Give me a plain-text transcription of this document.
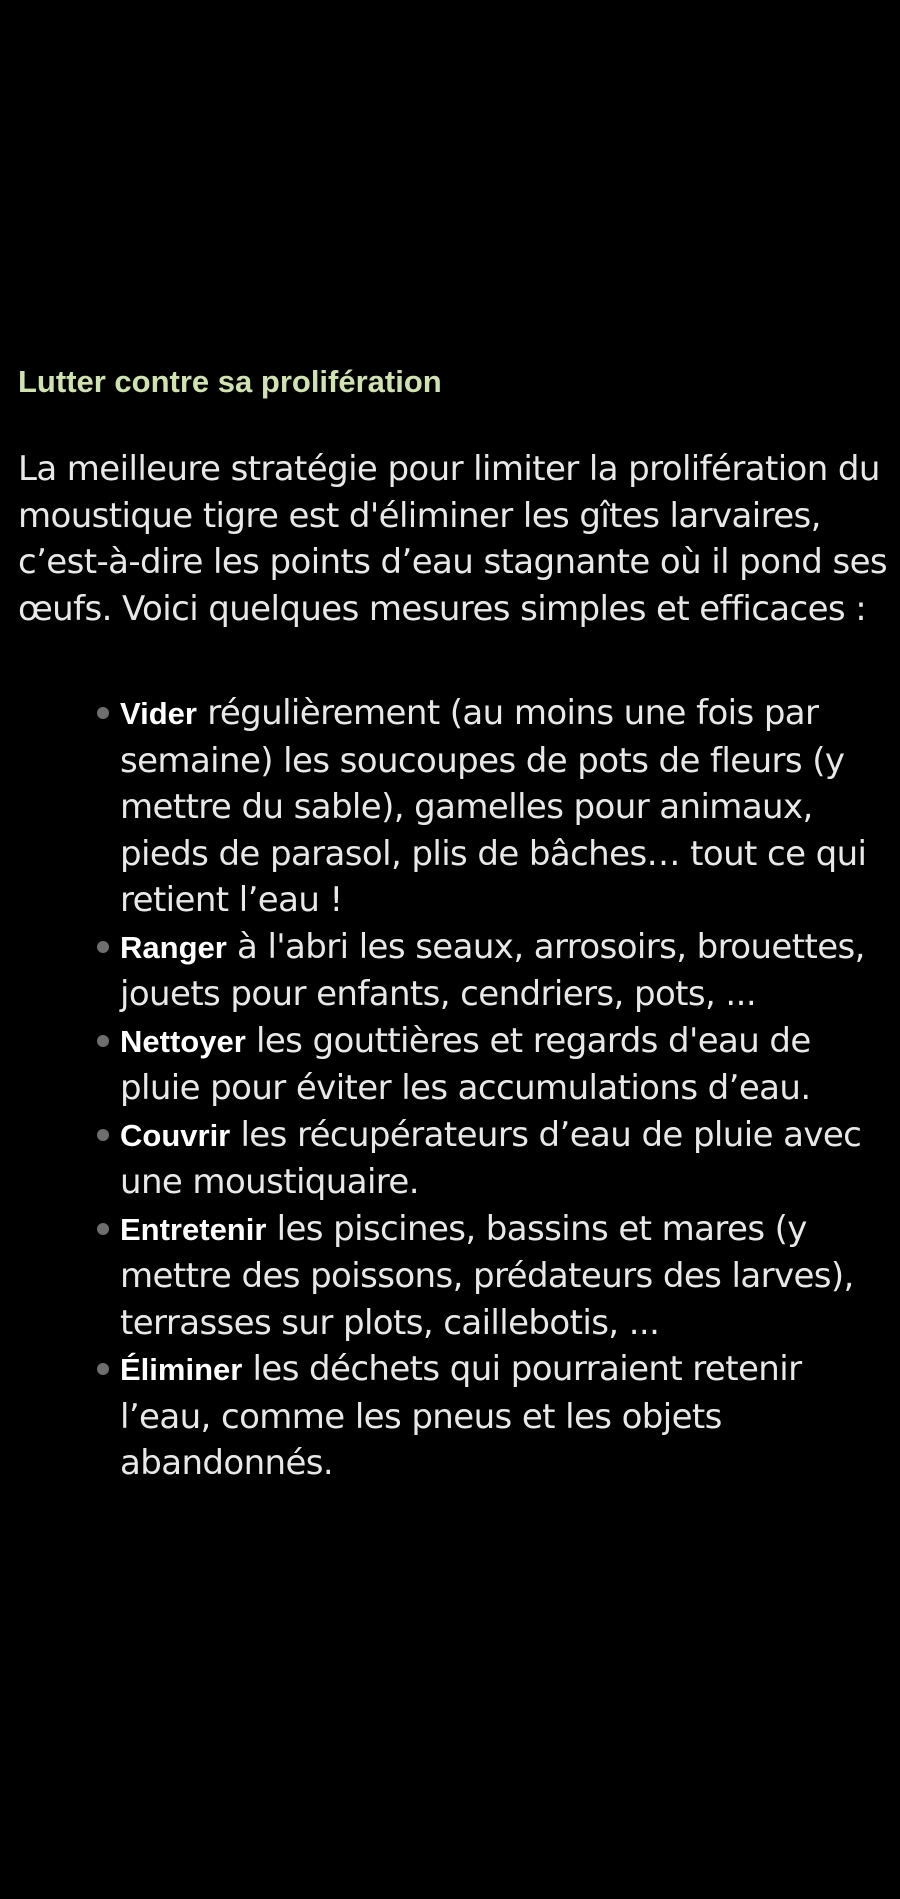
Lutter contre sa prolifération

La meilleure stratégie pour limiter la prolifération du moustique tigre est d'éliminer les gîtes larvaires, c’est-à-dire les points d’eau stagnante où il pond ses œufs. Voici quelques mesures simples et efficaces :

Vider régulièrement (au moins une fois par semaine) les soucoupes de pots de fleurs (y mettre du sable), gamelles pour animaux, pieds de parasol, plis de bâches… tout ce qui retient l’eau !
Ranger à l'abri les seaux, arrosoirs, brouettes, jouets pour enfants, cendriers, pots, ...
Nettoyer les gouttières et regards d'eau de pluie pour éviter les accumulations d’eau.
Couvrir les récupérateurs d’eau de pluie avec une moustiquaire.
Entretenir les piscines, bassins et mares (y mettre des poissons, prédateurs des larves), terrasses sur plots, caillebotis, ...
Éliminer les déchets qui pourraient retenir l’eau, comme les pneus et les objets abandonnés.
